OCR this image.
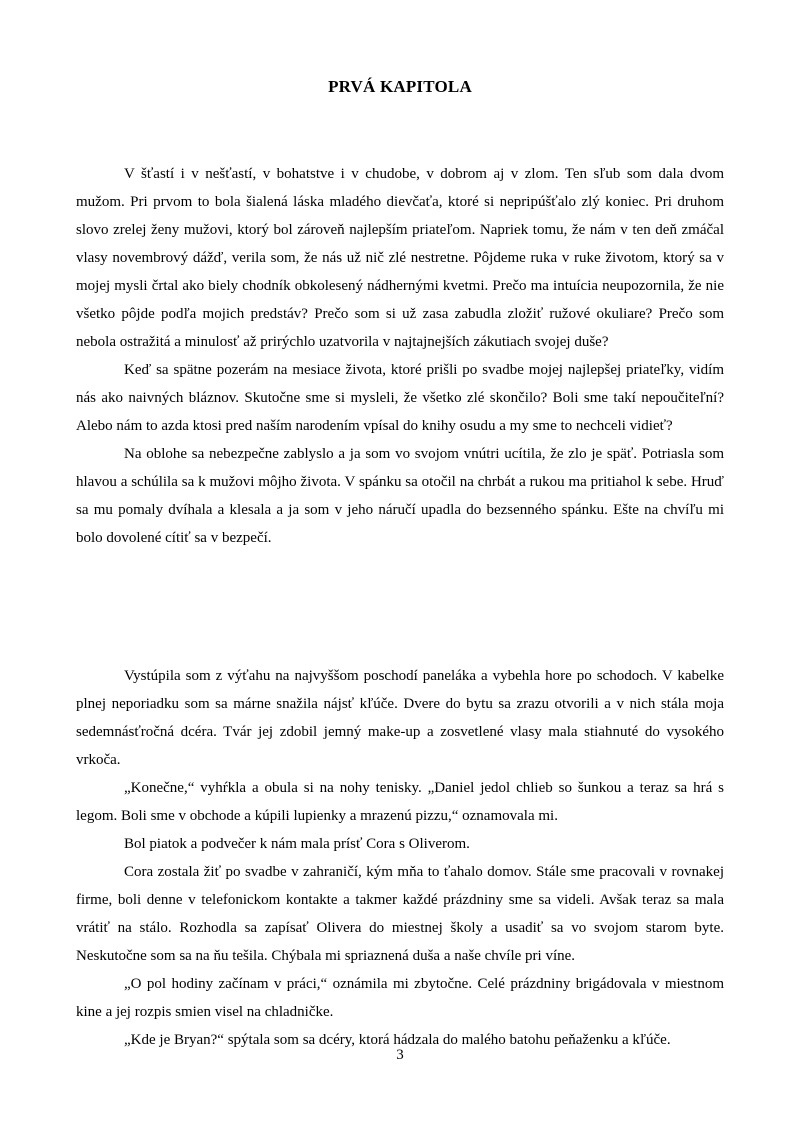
PRVÁ KAPITOLA

V šťastí i v nešťastí, v bohatstve i v chudobe, v dobrom aj v zlom. Ten sľub som dala dvom mužom. Pri prvom to bola šialená láska mladého dievčaťa, ktoré si nepripúšťalo zlý koniec. Pri druhom slovo zrelej ženy mužovi, ktorý bol zároveň najlepším priateľom. Napriek tomu, že nám v ten deň zmáčal vlasy novembrový dážď, verila som, že nás už nič zlé nestretne. Pôjdeme ruka v ruke životom, ktorý sa v mojej mysli črtal ako biely chodník obkolesený nádhernými kvetmi. Prečo ma intuícia neupozornila, že nie všetko pôjde podľa mojich predstáv? Prečo som si už zasa zabudla zložiť ružové okuliare? Prečo som nebola ostražitá a minulosť až prirýchlo uzatvorila v najtajnejších zákutiach svojej duše?

Keď sa spätne pozerám na mesiace života, ktoré prišli po svadbe mojej najlepšej priateľky, vidím nás ako naivných bláznov. Skutočne sme si mysleli, že všetko zlé skončilo? Boli sme takí nepoučiteľní? Alebo nám to azda ktosi pred naším narodením vpísal do knihy osudu a my sme to nechceli vidieť?

Na oblohe sa nebezpečne zablyslo a ja som vo svojom vnútri ucítila, že zlo je späť. Potriasla som hlavou a schúlila sa k mužovi môjho života. V spánku sa otočil na chrbát a rukou ma pritiahol k sebe. Hruď sa mu pomaly dvíhala a klesala a ja som v jeho náručí upadla do bezsenného spánku. Ešte na chvíľu mi bolo dovolené cítiť sa v bezpečí.

Vystúpila som z výťahu na najvyššom poschodí paneláka a vybehla hore po schodoch. V kabelke plnej neporiadku som sa márne snažila nájsť kľúče. Dvere do bytu sa zrazu otvorili a v nich stála moja sedemnásťročná dcéra. Tvár jej zdobil jemný make-up a zosvetlené vlasy mala stiahnuté do vysokého vrkoča.

„Konečne,“ vyhŕkla a obula si na nohy tenisky. „Daniel jedol chlieb so šunkou a teraz sa hrá s legom. Boli sme v obchode a kúpili lupienky a mrazenú pizzu,“ oznamovala mi.

Bol piatok a podvečer k nám mala prísť Cora s Oliverom.

Cora zostala žiť po svadbe v zahraničí, kým mňa to ťahalo domov. Stále sme pracovali v rovnakej firme, boli denne v telefonickom kontakte a takmer každé prázdniny sme sa videli. Avšak teraz sa mala vrátiť na stálo. Rozhodla sa zapísať Olivera do miestnej školy a usadiť sa vo svojom starom byte. Neskutočne som sa na ňu tešila. Chýbala mi spriaznená duša a naše chvíle pri víne.

„O pol hodiny začínam v práci,“ oznámila mi zbytočne. Celé prázdniny brigádovala v miestnom kine a jej rozpis smien visel na chladničke.

„Kde je Bryan?“ spýtala som sa dcéry, ktorá hádzala do malého batohu peňaženku a kľúče.

3
